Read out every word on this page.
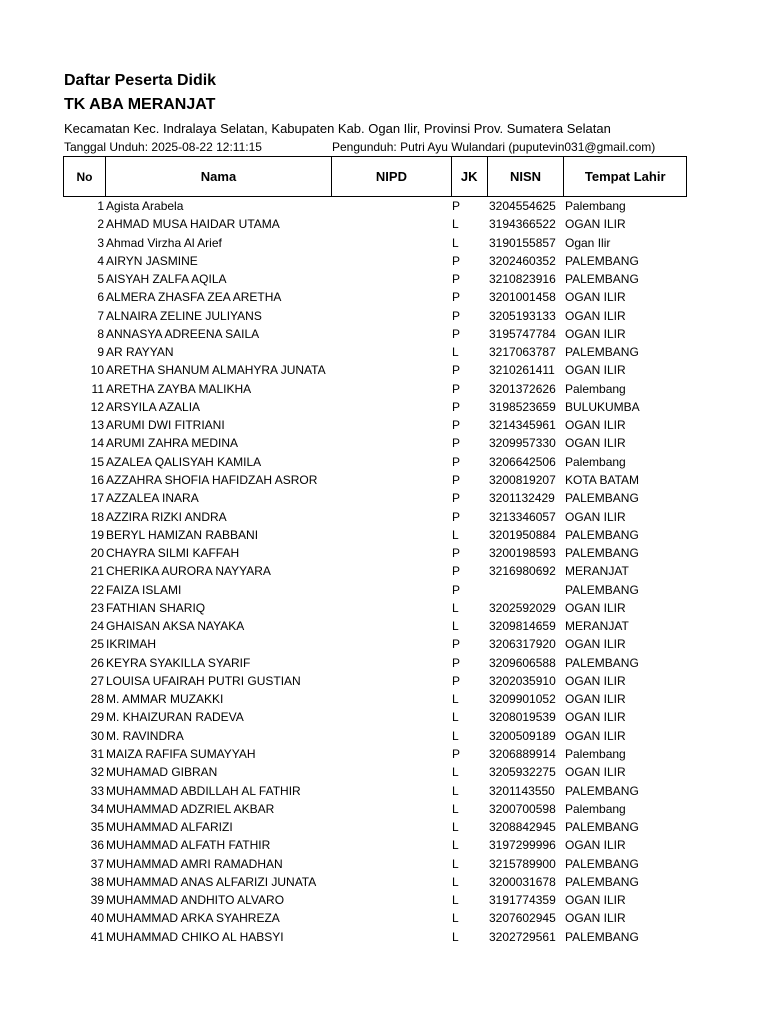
Daftar Peserta Didik
TK ABA MERANJAT
Kecamatan Kec. Indralaya Selatan, Kabupaten Kab. Ogan Ilir, Provinsi Prov. Sumatera Selatan
Tanggal Unduh: 2025-08-22 12:11:15	Pengunduh: Putri Ayu Wulandari (puputevin031@gmail.com)
No	Nama	NIPD	JK	NISN	Tempat Lahir
1 Agista Arabela	P 3204554625 Palembang
2 AHMAD MUSA HAIDAR UTAMA	L	3194366522 OGAN ILIR
3 Ahmad Virzha Al Arief	L	3190155857 Ogan Ilir
4 AIRYN JASMINE	P 3202460352 PALEMBANG
5 AISYAH ZALFA AQILA	P 3210823916 PALEMBANG
6 ALMERA ZHASFA ZEA ARETHA	P 3201001458 OGAN ILIR
7 ALNAIRA ZELINE JULIYANS	P 3205193133 OGAN ILIR
8 ANNASYA ADREENA SAILA	P 3195747784 OGAN ILIR
9 AR RAYYAN	L	3217063787 PALEMBANG
10 ARETHA SHANUM ALMAHYRA JUNATA	P 3210261411 OGAN ILIR
11 ARETHA ZAYBA MALIKHA	P 3201372626 Palembang
12 ARSYILA AZALIA	P 3198523659 BULUKUMBA
13 ARUMI DWI FITRIANI	P 3214345961 OGAN ILIR
14 ARUMI ZAHRA MEDINA	P 3209957330 OGAN ILIR
15 AZALEA QALISYAH KAMILA	P 3206642506 Palembang
16 AZZAHRA SHOFIA HAFIDZAH ASROR	P 3200819207 KOTA BATAM
17 AZZALEA INARA	P 3201132429 PALEMBANG
18 AZZIRA RIZKI ANDRA	P 3213346057 OGAN ILIR
19 BERYL HAMIZAN RABBANI	L	3201950884 PALEMBANG
20 CHAYRA SILMI KAFFAH	P 3200198593 PALEMBANG
21 CHERIKA AURORA NAYYARA	P 3216980692 MERANJAT
22 FAIZA ISLAMI	P	PALEMBANG
23 FATHIAN SHARIQ	L	3202592029 OGAN ILIR
24 GHAISAN AKSA NAYAKA	L	3209814659 MERANJAT
25 IKRIMAH	P 3206317920 OGAN ILIR
26 KEYRA SYAKILLA SYARIF	P 3209606588 PALEMBANG
27 LOUISA UFAIRAH PUTRI GUSTIAN	P 3202035910 OGAN ILIR
28 M. AMMAR MUZAKKI	L	3209901052 OGAN ILIR
29 M. KHAIZURAN RADEVA	L	3208019539 OGAN ILIR
30 M. RAVINDRA	L	3200509189 OGAN ILIR
31 MAIZA RAFIFA SUMAYYAH	P 3206889914 Palembang
32 MUHAMAD GIBRAN	L	3205932275 OGAN ILIR
33 MUHAMMAD ABDILLAH AL FATHIR	L	3201143550 PALEMBANG
34 MUHAMMAD ADZRIEL AKBAR	L	3200700598 Palembang
35 MUHAMMAD ALFARIZI	L	3208842945 PALEMBANG
36 MUHAMMAD ALFATH FATHIR	L	3197299996 OGAN ILIR
37 MUHAMMAD AMRI RAMADHAN	L	3215789900 PALEMBANG
38 MUHAMMAD ANAS ALFARIZI JUNATA	L	3200031678 PALEMBANG
39 MUHAMMAD ANDHITO ALVARO	L	3191774359 OGAN ILIR
40 MUHAMMAD ARKA SYAHREZA	L	3207602945 OGAN ILIR
41 MUHAMMAD CHIKO AL HABSYI	L	3202729561 PALEMBANG
